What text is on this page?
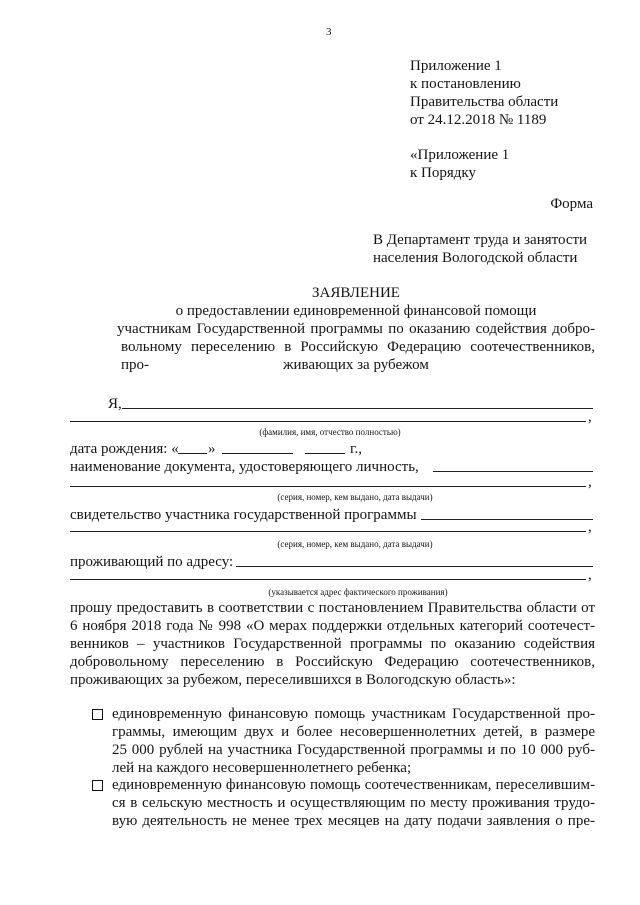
3
Приложение 1
к постановлению
Правительства области
от 24.12.2018 № 1189
«Приложение 1
к Порядку
Форма
В Департамент труда и занятости
населения Вологодской области
ЗАЯВЛЕНИЕ
о предоставлении единовременной финансовой помощи
участникам Государственной программы по оказанию содействия добро-
вольному переселению в Российскую Федерацию соотечественников, про-	живающих за рубежом
Я,
,
(фамилия, имя, отчество полностью)
дата рождения: « »	г.,
наименование документа, удостоверяющего личность,
,
(серия, номер, кем выдано, дата выдачи)
свидетельство участника государственной программы
,
(серия, номер, кем выдано, дата выдачи)
проживающий по адресу:
,
(указывается адрес фактического проживания)
прошу предоставить в соответствии с постановлением Правительства области от
6 ноября 2018 года № 998 «О мерах поддержки отдельных категорий соотечест-
венников – участников Государственной программы по оказанию содействия
добровольному переселению в Российскую Федерацию соотечественников,
проживающих за рубежом, переселившихся в Вологодскую область»:
единовременную финансовую помощь участникам Государственной про-
граммы, имеющим двух и более несовершеннолетних детей, в размере
25 000 рублей на участника Государственной программы и по 10 000 руб-
лей на каждого несовершеннолетнего ребенка;
единовременную финансовую помощь соотечественникам, переселившим-
ся в сельскую местность и осуществляющим по месту проживания трудо-
вую деятельность не менее трех месяцев на дату подачи заявления о пре-
